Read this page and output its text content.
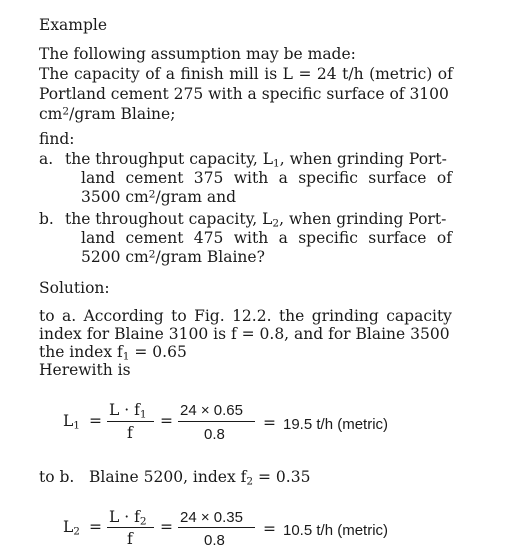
Example
The following assumption may be made:
The capacity of a finish mill is L = 24 t/h (metric) of
Portland cement 275 with a specific surface of 3100
$cm^2$/gram Blaine;
find:
a. the throughput capacity, $L_1$, when grinding Port-
land cement 375 with a specific surface of
3500 $cm^2$/gram and
b. the throughout capacity, $L_2$, when grinding Port-
land cement 475 with a specific surface of
5200 $cm^2$/gram Blaine?
Solution:
to a. According to Fig. 12.2. the grinding capacity
index for Blaine 3100 is f = 0.8, and for Blaine 3500
the index $f_1 = 0.65$
Herewith is
$L_1$ =
$L \cdot f_1$
f
=
24 × 0.65
0.8
= 19.5 t/h (metric)
to b. Blaine 5200, index $f_2 = 0.35$
$L_2$ =
$L \cdot f_2$
f
=
24 × 0.35
0.8
= 10.5 t/h (metric)
